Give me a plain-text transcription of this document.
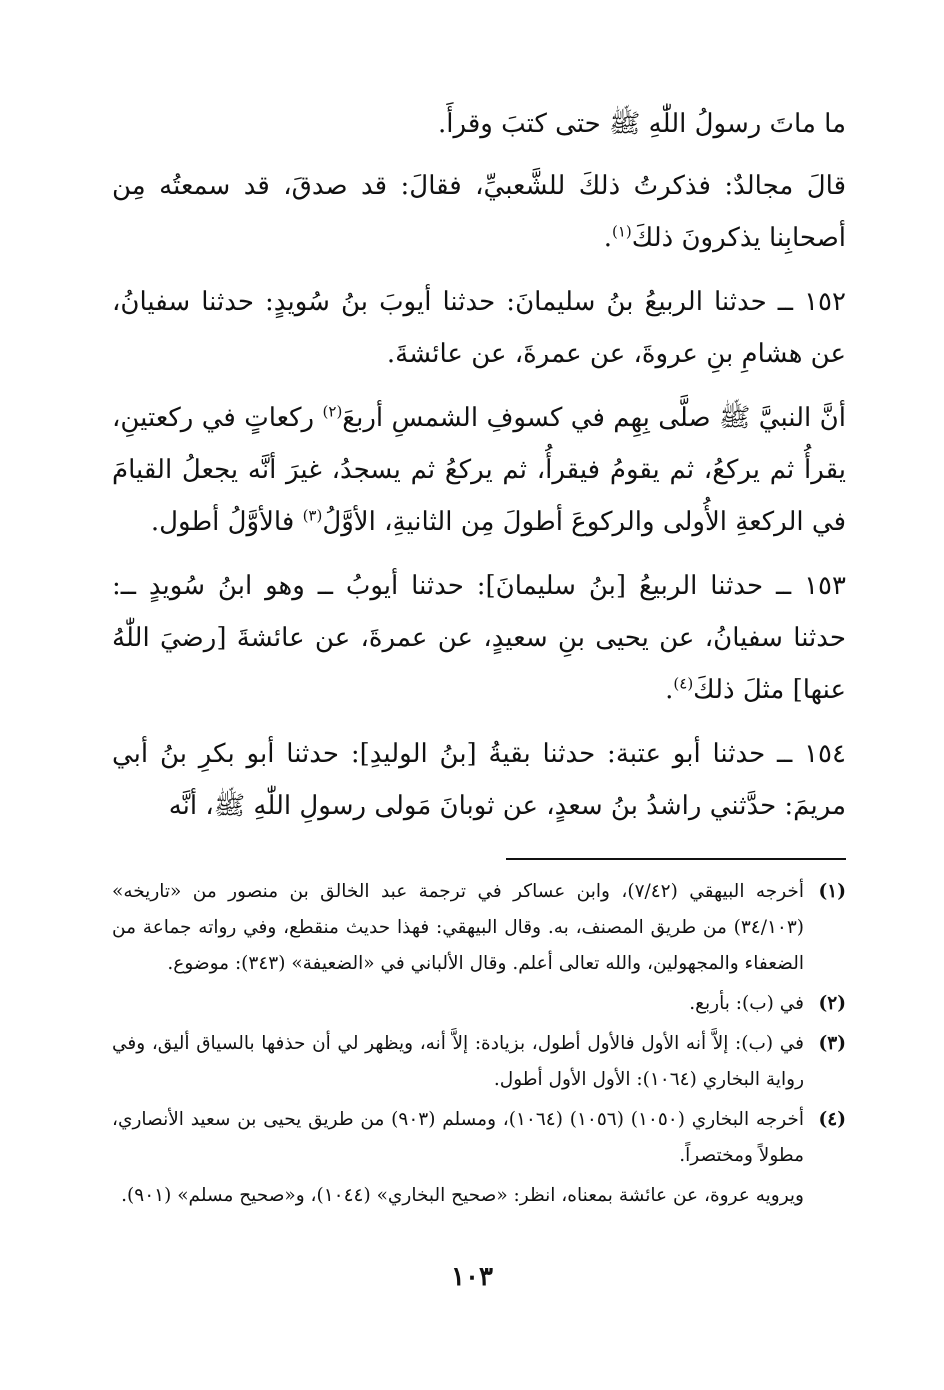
ما ماتَ رسولُ اللّٰهِ ﷺ حتى كتبَ وقرأَ.

قالَ مجالدٌ: فذكرتُ ذلكَ للشَّعبيِّ، فقالَ: قد صدقَ، قد سمعتُه مِن أصحابِنا يذكرونَ ذلكَ$^{(١)}$.

١٥٢ ــ حدثنا الربيعُ بنُ سليمانَ: حدثنا أيوبَ بنُ سُويدٍ: حدثنا سفيانُ، عن هشامِ بنِ عروةَ، عن عمرةَ، عن عائشةَ.

أنَّ النبيَّ ﷺ صلَّى بِهِم في كسوفِ الشمسِ أربعَ$^{(٢)}$ ركعاتٍ في ركعتينِ، يقرأُ ثم يركعُ، ثم يقومُ فيقرأُ، ثم يركعُ ثم يسجدُ، غيرَ أنَّه يجعلُ القيامَ في الركعةِ الأُولى والركوعَ أطولَ مِن الثانيةِ، الأوَّلُ$^{(٣)}$ فالأوَّلُ أطول.

١٥٣ ــ حدثنا الربيعُ [بنُ سليمانَ]: حدثنا أيوبُ ــ وهو ابنُ سُويدٍ ــ: حدثنا سفيانُ، عن يحيى بنِ سعيدٍ، عن عمرةَ، عن عائشةَ [رضيَ اللّٰهُ عنها] مثلَ ذلكَ$^{(٤)}$.

١٥٤ ــ حدثنا أبو عتبة: حدثنا بقيةُ [بنُ الوليدِ]: حدثنا أبو بكرِ بنُ أبي مريمَ: حدَّثني راشدُ بنُ سعدٍ، عن ثوبانَ مَولى رسولِ اللّٰهِ ﷺ، أنَّه

(١)
أخرجه البيهقي (٧/٤٢)، وابن عساكر في ترجمة عبد الخالق بن منصور من «تاريخه» (٣٤/١٠٣) من طريق المصنف، به. وقال البيهقي: فهذا حديث منقطع، وفي رواته جماعة من الضعفاء والمجهولين، والله تعالى أعلم. وقال الألباني في «الضعيفة» (٣٤٣): موضوع.
(٢)
في (ب): بأربع.
(٣)
في (ب): إلاَّ أنه الأول فالأول أطول، بزيادة: إلاَّ أنه، ويظهر لي أن حذفها بالسياق أليق، وفي رواية البخاري (١٠٦٤): الأول الأول أطول.
(٤)
أخرجه البخاري (١٠٥٠) (١٠٥٦) (١٠٦٤)، ومسلم (٩٠٣) من طريق يحيى بن سعيد الأنصاري، مطولاً ومختصراً.
ويرويه عروة، عن عائشة بمعناه، انظر: «صحيح البخاري» (١٠٤٤)، و«صحيح مسلم» (٩٠١).
١٠٣
